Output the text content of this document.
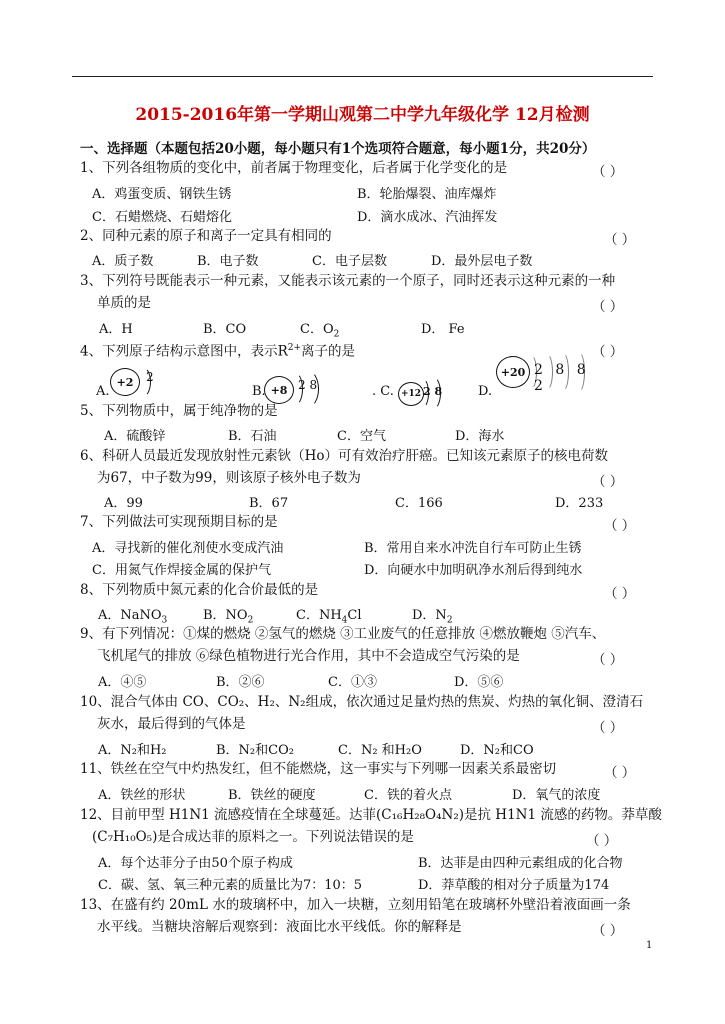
2015-2016年第一学期山观第二中学九年级化学 12月检测
一、选择题（本题包括20小题，每小题只有1个选项符合题意，每小题1分，共20分）
1、下列各组物质的变化中，前者属于物理变化，后者属于化学变化的是	（ ）
A．鸡蛋变质、钢铁生锈	B．轮胎爆裂、油库爆炸
C．石蜡燃烧、石蜡熔化	D．滴水成冰、汽油挥发
2、同种元素的原子和离子一定具有相同的	（ ）
A．质子数	B．电子数	C．电子层数	D．最外层电子数
3、下列符号既能表示一种元素，又能表示该元素的一个原子，同时还表示这种元素的一种
单质的是	（ ）
A．H	B．CO	C．$O_2$	D． Fe
4、下列原子结构示意图中，表示$R^{2+}$离子的是	（ ）
A.
+2	2
B. +8 2 8	. C. +12 2 8	D.
+20 2 8 8 2
5、下列物质中，属于纯净物的是
A．硫酸锌	B．石油	C．空气	D．海水
6、科研人员最近发现放射性元素钬（Ho）可有效治疗肝癌。已知该元素原子的核电荷数
为67，中子数为99，则该原子核外电子数为	（ ）
A．99	B．67	C．166	D．233
7、下列做法可实现预期目标的是	（ ）
A．寻找新的催化剂使水变成汽油	B．常用自来水冲洗自行车可防止生锈
C．用氮气作焊接金属的保护气	D．向硬水中加明矾净水剂后得到纯水
8、下列物质中氮元素的化合价最低的是	（ ）
A．NaNO$_3$	B．$NO_2$	C．$NH_4Cl$	D．$N_2$
9、有下列情况：①煤的燃烧 ②氢气的燃烧 ③工业废气的任意排放 ④燃放鞭炮 ⑤汽车、
飞机尾气的排放 ⑥绿色植物进行光合作用，其中不会造成空气污染的是	（ ）
A．④⑤	B．②⑥	C．①③	D．⑤⑥
10、混合气体由 CO、CO₂、H₂、N₂组成，依次通过足量灼热的焦炭、灼热的氧化铜、澄清石
灰水，最后得到的气体是	（ ）
A．N₂和H₂	B．N₂和CO₂	C．N₂ 和H₂O	D．N₂和CO
11、铁丝在空气中灼热发红，但不能燃烧，这一事实与下列哪一因素关系最密切	（ ）
A．铁丝的形状	B．铁丝的硬度	C．铁的着火点	D．氧气的浓度
12、目前甲型 H1N1 流感疫情在全球蔓延。达菲(C₁₆H₂₈O₄N₂)是抗 H1N1 流感的药物。莽草酸
(C₇H₁₀O₅)是合成达菲的原料之一。下列说法错误的是	（ ）
A．每个达菲分子由50个原子构成	B．达菲是由四种元素组成的化合物
C．碳、氢、氧三种元素的质量比为7：10：5	D．莽草酸的相对分子质量为174
13、在盛有约 20mL 水的玻璃杯中，加入一块糖，立刻用铅笔在玻璃杯外壁沿着液面画一条
水平线。当糖块溶解后观察到：液面比水平线低。你的解释是	（ ）
1
